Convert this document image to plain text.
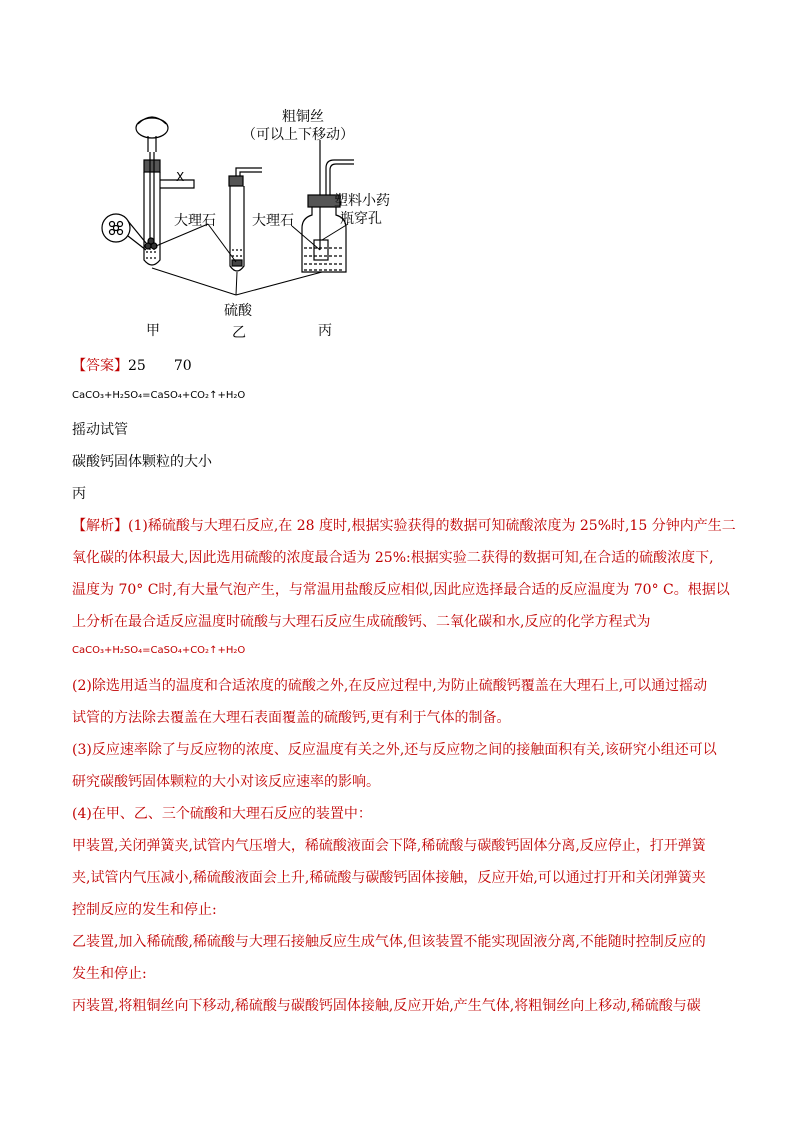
粗铜丝
（可以上下移动）
X
大理石	大理石
塑料小药
瓶穿孔
硫酸
甲	乙	丙
【答案】25 70
CaCO₃+H₂SO₄=CaSO₄+CO₂↑+H₂O
摇动试管
碳酸钙固体颗粒的大小
丙
【解析】(1)稀硫酸与大理石反应,在 28 度时,根据实验获得的数据可知硫酸浓度为 25%时,15 分钟内产生二
氧化碳的体积最大,因此选用硫酸的浓度最合适为 25%:根据实验二获得的数据可知,在合适的硫酸浓度下,
温度为 70° C时,有大量气泡产生，与常温用盐酸反应相似,因此应选择最合适的反应温度为 70° C。根据以
上分析在最合适反应温度时硫酸与大理石反应生成硫酸钙、二氧化碳和水,反应的化学方程式为
CaCO₃+H₂SO₄=CaSO₄+CO₂↑+H₂O
(2)除选用适当的温度和合适浓度的硫酸之外,在反应过程中,为防止硫酸钙覆盖在大理石上,可以通过摇动
试管的方法除去覆盖在大理石表面覆盖的硫酸钙,更有利于气体的制备。
(3)反应速率除了与反应物的浓度、反应温度有关之外,还与反应物之间的接触面积有关,该研究小组还可以
研究碳酸钙固体颗粒的大小对该反应速率的影响。
(4)在甲、乙、三个硫酸和大理石反应的装置中：
甲装置,关闭弹簧夹,试管内气压增大，稀硫酸液面会下降,稀硫酸与碳酸钙固体分离,反应停止，打开弹簧
夹,试管内气压减小,稀硫酸液面会上升,稀硫酸与碳酸钙固体接触，反应开始,可以通过打开和关闭弹簧夹
控制反应的发生和停止:
乙装置,加入稀硫酸,稀硫酸与大理石接触反应生成气体,但该装置不能实现固液分离,不能随时控制反应的
发生和停止:
丙装置,将粗铜丝向下移动,稀硫酸与碳酸钙固体接触,反应开始,产生气体,将粗铜丝向上移动,稀硫酸与碳
